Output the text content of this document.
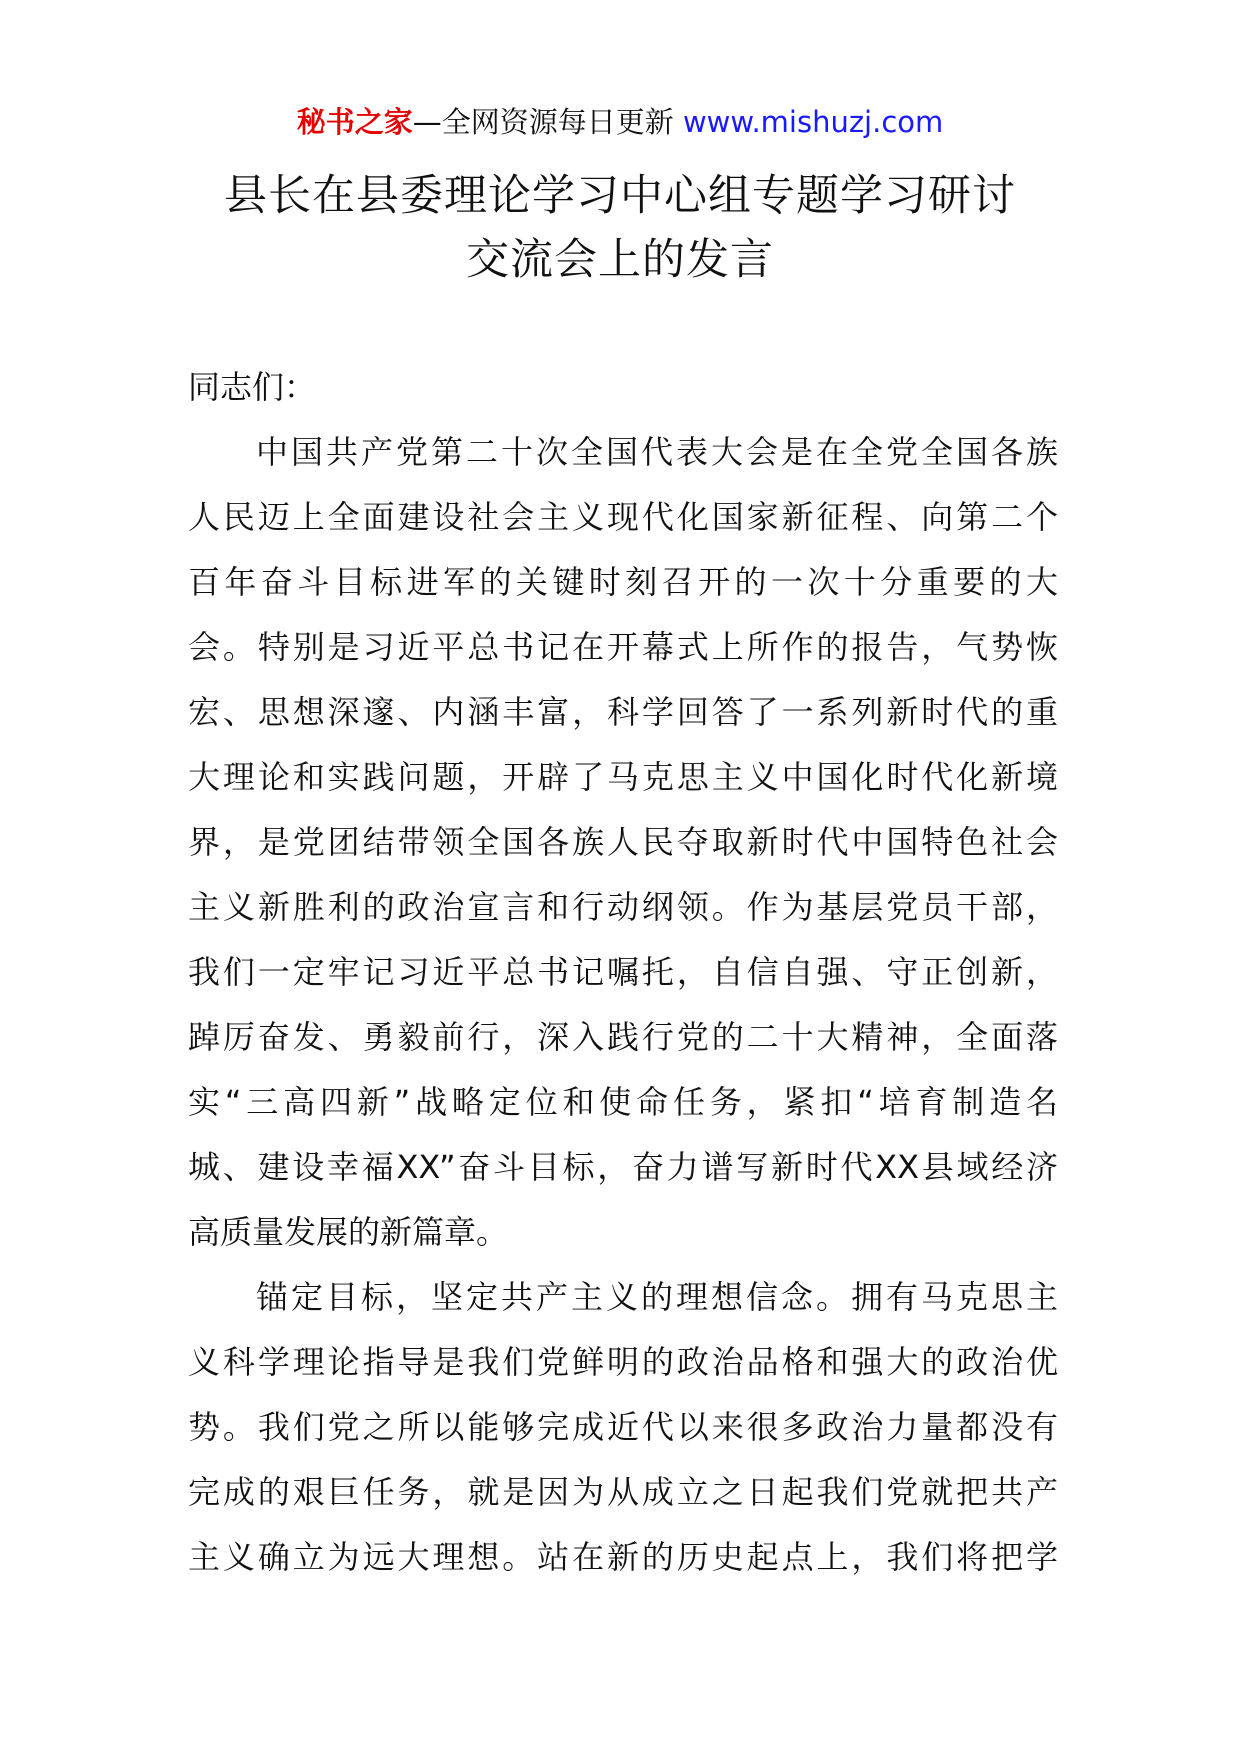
秘书之家—全网资源每日更新 www.mishuzj.com
县长在县委理论学习中心组专题学习研讨
交流会上的发言
同志们：
中国共产党第二十次全国代表大会是在全党全国各族
人民迈上全面建设社会主义现代化国家新征程、向第二个
百年奋斗目标进军的关键时刻召开的一次十分重要的大
会。特别是习近平总书记在开幕式上所作的报告，气势恢
宏、思想深邃、内涵丰富，科学回答了一系列新时代的重
大理论和实践问题，开辟了马克思主义中国化时代化新境
界，是党团结带领全国各族人民夺取新时代中国特色社会
主义新胜利的政治宣言和行动纲领。作为基层党员干部，
我们一定牢记习近平总书记嘱托，自信自强、守正创新，
踔厉奋发、勇毅前行，深入践行党的二十大精神，全面落
实“三高四新”战略定位和使命任务，紧扣“培育制造名
城、建设幸福XX”奋斗目标，奋力谱写新时代XX县域经济
高质量发展的新篇章。
锚定目标，坚定共产主义的理想信念。拥有马克思主
义科学理论指导是我们党鲜明的政治品格和强大的政治优
势。我们党之所以能够完成近代以来很多政治力量都没有
完成的艰巨任务，就是因为从成立之日起我们党就把共产
主义确立为远大理想。站在新的历史起点上，我们将把学
